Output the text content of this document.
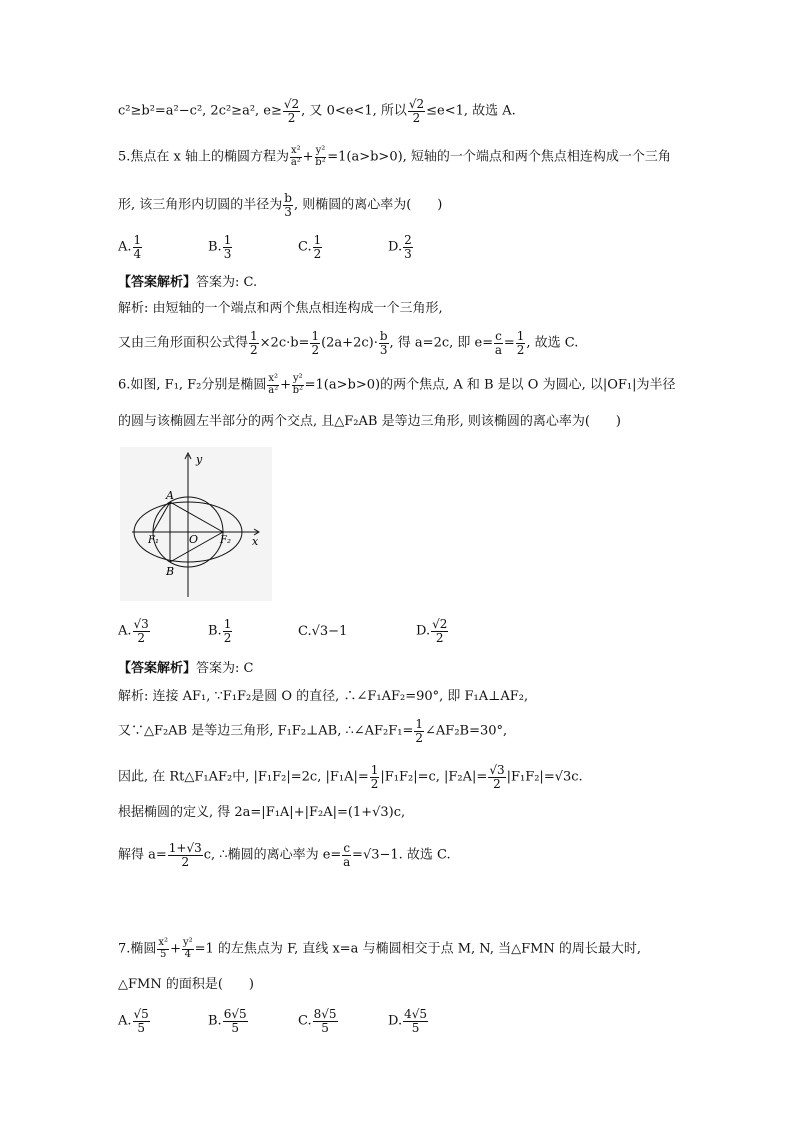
c²≥b²=a²−c², 2c²≥a², $e\ge \frac{√2}{2}$ , 又 0<e<1, 所以 $\frac{√2}{2} \le e<1$, 故选 A.
5.焦点在 x 轴上的椭圆方程为 $\frac{\text{x²}}{\text{a²}} + \frac{\text{y²}}{\text{b²}} =1(a>b>0)$, 短轴的一个端点和两个焦点相连构成一个三角
形, 该三角形内切圆的半径为 $\frac{b}{3}$ , 则椭圆的离心率为(　　)
A. $\frac{1}{4}$	B. $\frac{1}{3}$	C. $\frac{1}{2}$	D. $\frac{2}{3}$
【答案解析】答案为: C.
解析: 由短轴的一个端点和两个焦点相连构成一个三角形,
又由三角形面积公式得 $\frac{1}{2} \times 2c\cdot b= \frac{1}{2} (2a+2c)\cdot \frac{b}{3}$ , 得 a=2c, 即 $e= \frac{c}{a} = \frac{1}{2}$ , 故选 C.
6.如图, F₁, F₂分别是椭圆 $\frac{\text{x²}}{\text{a²}} + \frac{\text{y²}}{\text{b²}} =1(a>b>0)$的两个焦点, A 和 B 是以 O 为圆心, 以|OF₁|为半径
的圆与该椭圆左半部分的两个交点, 且△F₂AB 是等边三角形, 则该椭圆的离心率为(　　)
y
x
A
B
O
F₁	F₂
A. $\frac{√3}{2}$	B. $\frac{1}{2}$	C.√3−1	D. $\frac{√2}{2}$
【答案解析】答案为: C
解析: 连接 AF₁, ∵F₁F₂是圆 O 的直径, ∴∠F₁AF₂=90°, 即 F₁A⊥AF₂,
又∵△F₂AB 是等边三角形, F₁F₂⊥AB, ∴∠AF₂F₁= $\frac{1}{2}$ ∠AF₂B=30°,
因此, 在 Rt△F₁AF₂中, |F₁F₂|=2c, $|F_1A|= \frac{1}{2} |F_1F_2|=c$, $|F_2A|= \frac{√3}{2} |F_1F_2|=√3c$.
根据椭圆的定义, 得 2a=|F₁A|+|F₂A|=(1+√3)c,
解得 $a= \frac{1+√3}{2} c$, ∴椭圆的离心率为 $e= \frac{c}{a} =√3-1$. 故选 C.
7.椭圆 $\frac{\text{x²}}{5} + \frac{\text{y²}}{4} =1$ 的左焦点为 F, 直线 x=a 与椭圆相交于点 M, N, 当△FMN 的周长最大时,
△FMN 的面积是(　　)
A. $\frac{√5}{5}$	B. $\frac{6√5}{5}$	C. $\frac{8√5}{5}$	D. $\frac{4√5}{5}$
